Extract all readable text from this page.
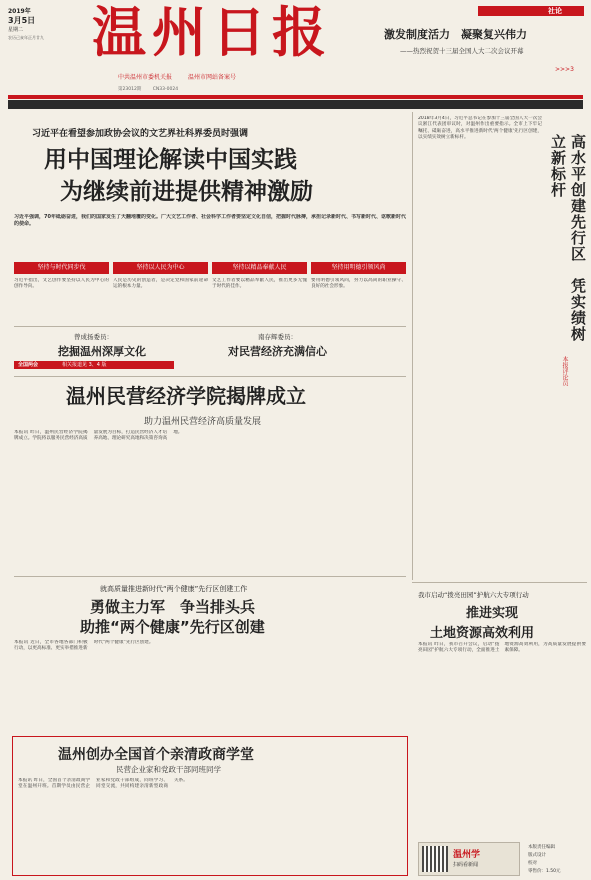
2019年
3月5日
星期二
农历己亥年正月廿九 温州日报
中共温州市委机关报	温州市网站备案号
第23012期	CN33-0024
社论
激发制度活力　凝聚复兴伟力
——热烈祝贺十三届全国人大二次会议开幕
>>>3
习近平在看望参加政协会议的文艺界社科界委员时强调
用中国理论解读中国实践
为继续前进提供精神激励
习近平强调，70年砥砺奋进，我们的国家发生了天翻地覆的变化。广大文艺工作者、社会科学工作者要坚定文化自信，把握时代脉搏，承担记录新时代、书写新时代、讴歌新时代的使命。
坚持与时代同步伐	坚持以人民为中心	坚持以精品奉献人民	坚持用明德引领风尚
习近平指出，文艺创作要坚持以人民为中心的创作导向。
人民是历史的创造者，是决定党和国家前途命运的根本力量。
文艺工作者要以精品奉献人民，推出更多无愧于时代的佳作。
要用明德引领风尚，努力以高尚的职业操守、良好的社会形象。
曾成扬委员：
挖掘温州深厚文化
南存辉委员：
对民营经济充满信心
全国两会	相关报道见 3、4 版
2018年3月4日，习近平总书记在参加十三届全国人大一次会议浙江代表团审议时，对温州作出重要指示。全市上下牢记嘱托、砥砺奋进，高水平推进新时代'两个健康'先行区创建，以实绩实效树立新标杆。	高水平创建先行区　凭实绩树立新标杆
本报评论员
温州民营经济学院揭牌成立
助力温州民营经济高质量发展
本报讯 昨日，温州民营经济学院揭牌成立。学院将以服务民营经济高质量发展为目标，打造民营经济人才培养高地、理论研究高地和决策咨询高地。
就高质量推进新时代“两个健康”先行区创建工作
勇做主力军　争当排头兵
助推“两个健康”先行区创建
本报讯 近日，全市各地各部门积极行动，以更高标准、更实举措推进新时代“两个健康”先行区创建。
温州创办全国首个亲清政商学堂
民营企业家和党政干部同班同学
本报讯 昨日，全国首个亲清政商学堂在温州开班。首期学员由民营企业家和党政干部组成，同班学习、同堂交流，共同构建亲清新型政商关系。
我市启动“拨亮田园”护航六大专项行动
推进实现
土地资源高效利用
本报讯 昨日，我市召开会议，启动“拨亮田园”护航六大专项行动，全面推进土地资源高效利用，为高质量发展提供要素保障。
温州学
扫码看新闻
本版责任编辑
版式设计
校对
零售价：1.50元
